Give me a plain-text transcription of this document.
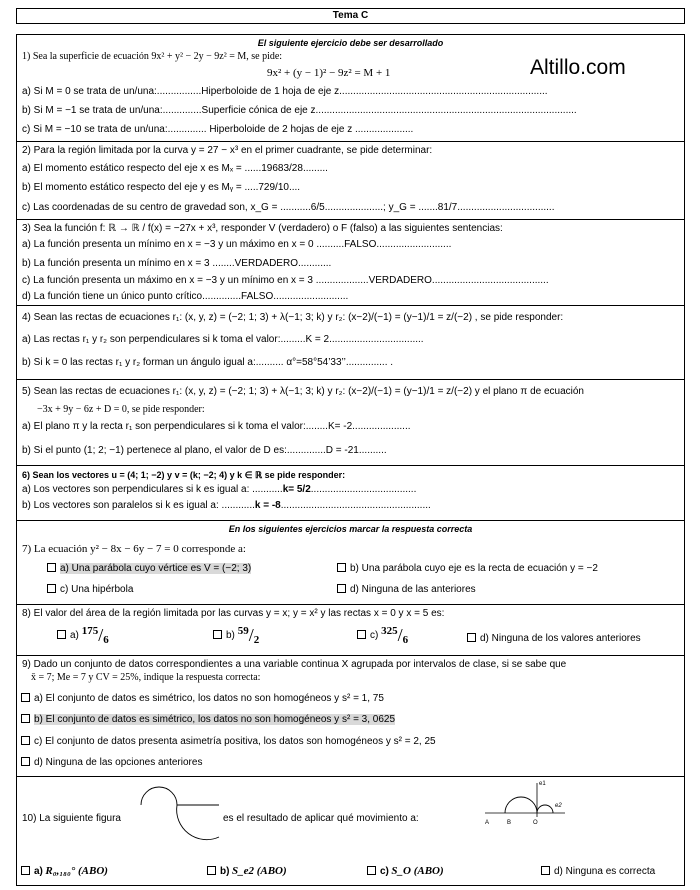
Tema C
El siguiente ejercicio debe ser desarrollado
1) Sea la superficie de ecuación 9x² + y² − 2y − 9z² = M, se pide:
9x² + (y − 1)² − 9z² = M + 1
a) Si M = 0 se trata de un/una:................Hiperboloide de 1 hoja de eje z...........................................................................
b) Si M = −1 se trata de un/una:..............Superficie cónica de eje z..............................................................................................
c) Si M = −10 se trata de un/una:.............. Hiperboloide de 2 hojas de eje z .....................
2) Para la región limitada por la curva y = 27 − x³ en el primer cuadrante, se pide determinar:
a) El momento estático respecto del eje x es Mₓ = ......19683/28.........
b) El momento estático respecto del eje y es Mᵧ = .....729/10....
c) Las coordenadas de su centro de gravedad son, x_G = ...........6/5.....................; y_G = .......81/7...................................
3) Sea la función f: ℝ → ℝ / f(x) = −27x + x³, responder V (verdadero) o F (falso) a las siguientes sentencias:
a) La función presenta un mínimo en x = −3 y un máximo en x = 0 ..........FALSO...........................
b) La función presenta un mínimo en x = 3 ........VERDADERO............
c) La función presenta un máximo en x = −3 y un mínimo en x = 3 ...................VERDADERO..........................................
d) La función tiene un único punto crítico..............FALSO...........................
4) Sean las rectas de ecuaciones r₁: (x, y, z) = (−2; 1; 3) + λ(−1; 3; k) y r₂: (x−2)/(−1) = (y−1)/1 = z/(−2) , se pide responder:
a) Las rectas r₁ y r₂ son perpendiculares si k toma el valor:.........K = 2..................................
b) Si k = 0 las rectas r₁ y r₂ forman un ángulo igual a:.......... α°=58°54’33’’............... .
5) Sean las rectas de ecuaciones r₁: (x, y, z) = (−2; 1; 3) + λ(−1; 3; k) y r₂: (x−2)/(−1) = (y−1)/1 = z/(−2) y el plano π de ecuación
−3x + 9y − 6z + D = 0, se pide responder:
a) El plano π y la recta r₁ son perpendiculares si k toma el valor:........K= -2.....................
b) Si el punto (1; 2; −1) pertenece al plano, el valor de D es:..............D = -21..........
6) Sean los vectores u = (4; 1; −2) y v = (k; −2; 4) y k ∈ ℝ se pide responder:
a) Los vectores son perpendiculares si k es igual a: ...........k= 5/2......................................
b) Los vectores son paralelos si k es igual a: ............k = -8......................................................
En los siguientes ejercicios marcar la respuesta correcta
7) La ecuación y² − 8x − 6y − 7 = 0 corresponde a:
a) Una parábola cuyo vértice es V = (−2; 3)	b) Una parábola cuyo eje es la recta de ecuación y = −2
c) Una hipérbola	d) Ninguna de las anteriores
8) El valor del área de la región limitada por las curvas y = x; y = x² y las rectas x = 0 y x = 5 es:
a) $^{175}/_6$	b) $^{59}/_2$	c) $^{325}/_6$	d) Ninguna de los valores anteriores
9) Dado un conjunto de datos correspondientes a una variable continua X agrupada por intervalos de clase, si se sabe que
x̄ = 7; Me = 7 y CV = 25%, indique la respuesta correcta:
a) El conjunto de datos es simétrico, los datos no son homogéneos y s² = 1, 75
b) El conjunto de datos es simétrico, los datos no son homogéneos y s² = 3, 0625
c) El conjunto de datos presenta asimetría positiva, los datos son homogéneos y s² = 2, 25
d) Ninguna de las opciones anteriores
10) La siguiente figura	es el resultado de aplicar qué movimiento a:	A	B	O
e1
e2
a) R₀,₁₈₀° (ABO)	b) S_e2 (ABO)	c) S_O (ABO)	d) Ninguna es correcta
Altillo.com
